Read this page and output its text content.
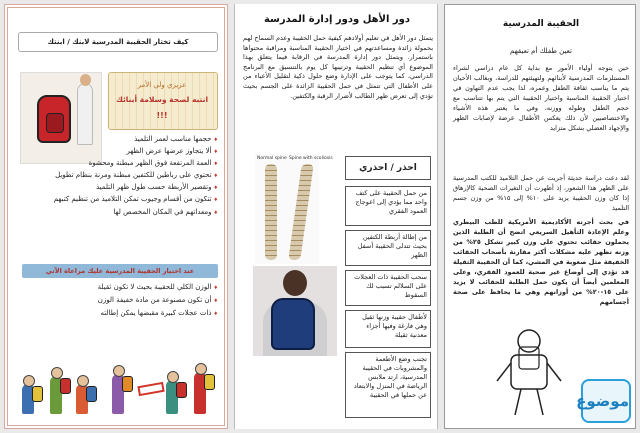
كيف تختار الحقيبة المدرسية لابنك / ابنتك
عزيزي ولي الأمر
انتبه لصحة وسلامة أبنائك
!!!
♦ حجمها مناسب لعمر التلميذ
♦ ألا يتجاوز عرضها عرض الظهر
♦ العمة المرتفعة فوق الظهر مبطنة ومحشوة
♦ تحتوي على رباطين للكتفين مبطنة ومرنة بنظام تطويل
♦ وتقصير الأربطة حسب طول ظهر التلميذ
♦ تتكون من أقسام وجيوب تمكن التلاميذ من تنظيم كتبهم
♦ ومعداتهم في المكان المخصص لها
عند اختيار الحقيبة المدرسية عليك مراعاة الآتي
♦ الوزن الكلي للحقيبة بحيث لا تكون ثقيلة
♦ أن تكون مصنوعة من مادة خفيفة الوزن
♦ ذات عجلات كبيرة مقبضها يمكن إطالته
دور الأهل ودور إدارة المدرسة
يتمثل دور الأهل في تعليم أولادهم كيفية حمل الحقيبة وعدم السماح لهم بحمولة زائدة ومساعدتهم في اختيار الحقيبة المناسبة ومراقبة محتواها باستمرار. ويتمثل دور إدارة المدرسة في الرقابة فيما يتعلق بهذا الموضوع أي تنظيم الحقيبة وترتيبها كل يوم بالتنسيق مع البرنامج الدراسي، كما يتوجب على الإدارة وضع حلول ذكية لتقليل الأعباء من على الأطفال التي تتمثل في حمل الحقيبة الزائدة على الجسم بحيث تؤدي إلى تعرض ظهر الطالب لأضرار الرقبة والكتفين.
Normal spine Spine with scoliosis
احذر / احذري
من حمل الحقيبة على كتف واحد مما يؤدي إلى اعوجاج العمود الفقري
من إطالة أربطة الكتفين بحيث تتدلى الحقيبة أسفل الظهر
سحب الحقيبة ذات العجلات على السلالم تسبب لك السقوط
لأطفال حقيبة وزنها ثقيل وهي فارغة وفيها أجزاء معدنية ثقيلة
تجنب وضع الأطعمة والمشروبات في الحقيبة المدرسية، ارتد ملابس الرياضة في المنزل والابتعاد عن حملها في الحقيبة
الحقيبة المدرسية
تعين طفلك أم تعيقهم
حين يتوجه أولياء الأمور مع بداية كل عام دراسي لشراء المستلزمات المدرسية لأبنائهم ولتهيئتهم للدراسة، وبغالب الأحيان يتم ما يناسب ثقافة الطفل وعمره، لذا يجب عدم التهاون في اختيار الحقيبة المناسبة واختيار الحقيبة التي يتم بها تتناسب مع حجم الطفل وطوله ووزنه، وفي ما يعتبر هذه الأشياء والاختصاصيين لأن ذلك يعكس الأطفال عرضة لإصابات الظهر والإجهاد العضلي بشكل متزايد
لقد دعت دراسة حديثة أجريت عن حمل التلاميذ للكتب المدرسية على الظهر هذا الشعور، إذ أظهرت أن التغيرات الصحية كالإرهاق إذا كان وزن الحقيبة يزيد على ١٠% إلى ١٥% من وزن جسم التلميذ
في بحث أجرته الأكاديمية الأمريكية للطب البيطري وعلم الإعادة التأهيل السريعي اتضح أن الطلبة الذين يحملون حقائب تحتوي على وزن كبير تشكل ٢٥% من وزنه تظهر عليه مشكلات أكثر مقارنة بأصحاب الحقائب الخفيفة مثل صعوبة في المشي، كما أن الحقيبة الثقيلة قد تؤدي إلى أوضاع غير صحية للعمود الفقري، وعلى المعلمين أيضاً أن يكون حمل الطلبة للحقائب لا يزيد على ١٥-٢٠% من أوزانهم وهي ما يحافظ على صحة أجسامهم
موضوع
